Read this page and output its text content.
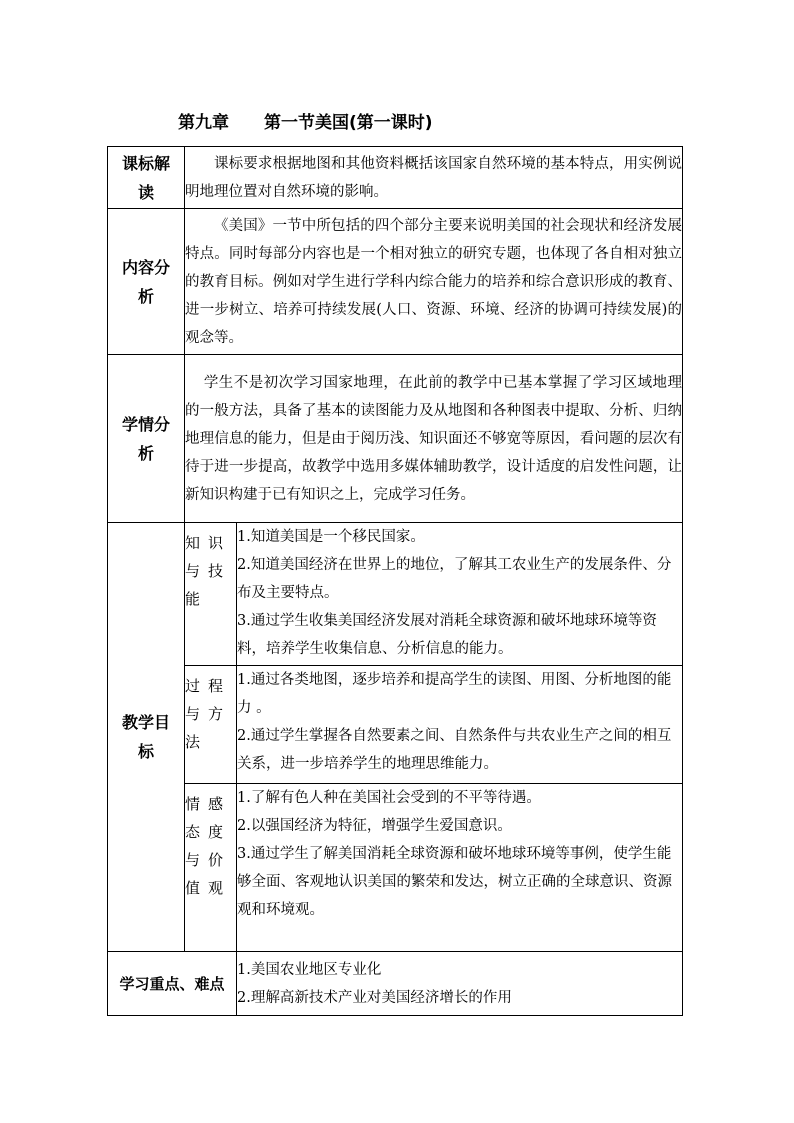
第九章 第一节美国(第一课时)
课标解读	课标要求根据地图和其他资料概括该国家自然环境的基本特点，用实例说明地理位置对自然环境的影响。	
内容分析	《美国》一节中所包括的四个部分主要来说明美国的社会现状和经济发展特点。同时每部分内容也是一个相对独立的研究专题，也体现了各自相对独立的教育目标。例如对学生进行学科内综合能力的培养和综合意识形成的教育、进一步树立、培养可持续发展(人口、资源、环境、经济的协调可持续发展)的观念等。	
学情分析	学生不是初次学习国家地理，在此前的教学中已基本掌握了学习区域地理的一般方法，具备了基本的读图能力及从地图和各种图表中提取、分析、归纳地理信息的能力，但是由于阅历浅、知识面还不够宽等原因，看问题的层次有待于进一步提高，故教学中选用多媒体辅助教学，设计适度的启发性问题，让新知识构建于已有知识之上，完成学习任务。	
教学目标	知识与技能	1.知道美国是一个移民国家。
2.知道美国经济在世界上的地位，了解其工农业生产的发展条件、分布及主要特点。
3.通过学生收集美国经济发展对消耗全球资源和破坏地球环境等资料，培养学生收集信息、分析信息的能力。

	过程与方法	1.通过各类地图，逐步培养和提高学生的读图、用图、分析地图的能力 。
2.通过学生掌握各自然要素之间、自然条件与共农业生产之间的相互关系，进一步培养学生的地理思维能力。

	情感态度与价值观	1.了解有色人种在美国社会受到的不平等待遇。
2.以强国经济为特征，增强学生爱国意识。
3.通过学生了解美国消耗全球资源和破坏地球环境等事例，使学生能够全面、客观地认识美国的繁荣和发达，树立正确的全球意识、资源观和环境观。

学习重点、难点		1.美国农业地区专业化
2.理解高新技术产业对美国经济增长的作用
